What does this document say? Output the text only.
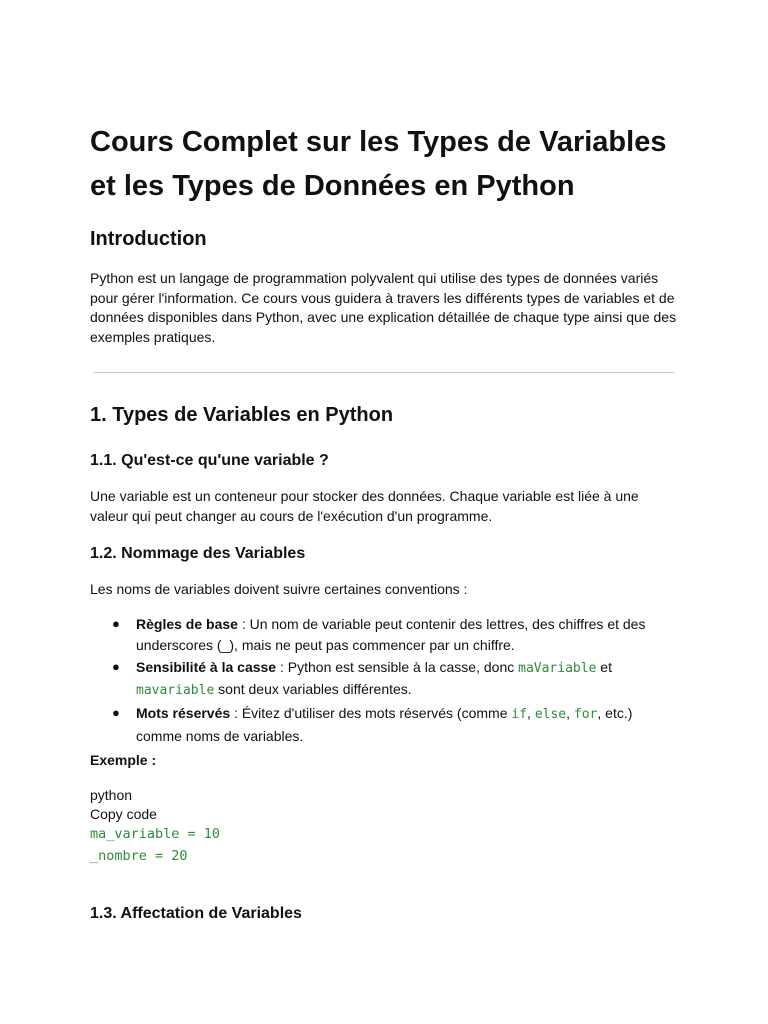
Cours Complet sur les Types de Variables et les Types de Données en Python
Introduction

Python est un langage de programmation polyvalent qui utilise des types de données variés pour gérer l'information. Ce cours vous guidera à travers les différents types de variables et de données disponibles dans Python, avec une explication détaillée de chaque type ainsi que des exemples pratiques.

1. Types de Variables en Python
1.1. Qu'est-ce qu'une variable ?

Une variable est un conteneur pour stocker des données. Chaque variable est liée à une valeur qui peut changer au cours de l'exécution d'un programme.

1.2. Nommage des Variables

Les noms de variables doivent suivre certaines conventions :

● Règles de base : Un nom de variable peut contenir des lettres, des chiffres et des underscores (_), mais ne peut pas commencer par un chiffre.
● Sensibilité à la casse : Python est sensible à la casse, donc maVariable et mavariable sont deux variables différentes.
● Mots réservés : Évitez d'utiliser des mots réservés (comme if, else, for, etc.) comme noms de variables.
Exemple :
python
Copy code
ma_variable = 10
_nombre = 20
1.3. Affectation de Variables
